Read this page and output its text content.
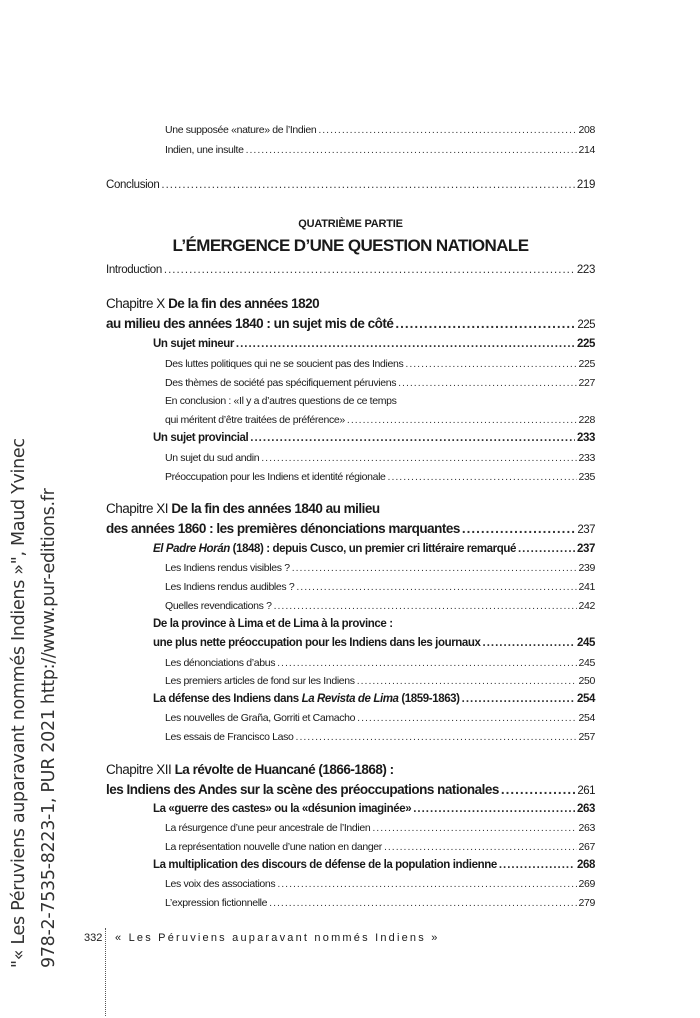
Une supposée «nature» de l’Indien .....	208
Indien, une insulte .....	214
Conclusion .....	219
QUATRIÈME PARTIE
L’ÉMERGENCE D’UNE QUESTION NATIONALE
Introduction .....	223
Chapitre X De la fin des années 1820
au milieu des années 1840 : un sujet mis de côté .....	225
Un sujet mineur .....	225
Des luttes politiques qui ne se soucient pas des Indiens .....	225
Des thèmes de société pas spécifiquement péruviens .....	227
En conclusion : «Il y a d’autres questions de ce temps
qui méritent d’être traitées de préférence» .....	228
Un sujet provincial .....	233
Un sujet du sud andin .....	233
Préoccupation pour les Indiens et identité régionale .....	235
Chapitre XI De la fin des années 1840 au milieu
des années 1860 : les premières dénonciations marquantes .....	237
El Padre Horán (1848) : depuis Cusco, un premier cri littéraire remarqué .....	237
Les Indiens rendus visibles ? .....	239
Les Indiens rendus audibles ? .....	241
Quelles revendications ? .....	242
De la province à Lima et de Lima à la province :
une plus nette préoccupation pour les Indiens dans les journaux .....	245
Les dénonciations d’abus .....	245
Les premiers articles de fond sur les Indiens .....	250
La défense des Indiens dans La Revista de Lima (1859-1863) .....	254
Les nouvelles de Graña, Gorriti et Camacho .....	254
Les essais de Francisco Laso .....	257
Chapitre XII La révolte de Huancané (1866-1868) :
les Indiens des Andes sur la scène des préoccupations nationales .....	261
La «guerre des castes» ou la «désunion imaginée» .....	263
La résurgence d’une peur ancestrale de l’Indien .....	263
La représentation nouvelle d’une nation en danger .....	267
La multiplication des discours de défense de la population indienne .....	268
Les voix des associations .....	269
L’expression fictionnelle .....	279
332 « Les Péruviens auparavant nommés Indiens »
"« Les Péruviens auparavant nommés Indiens »", Maud Yvinec 978-2-7535-8223-1, PUR 2021 http://www.pur-editions.fr
